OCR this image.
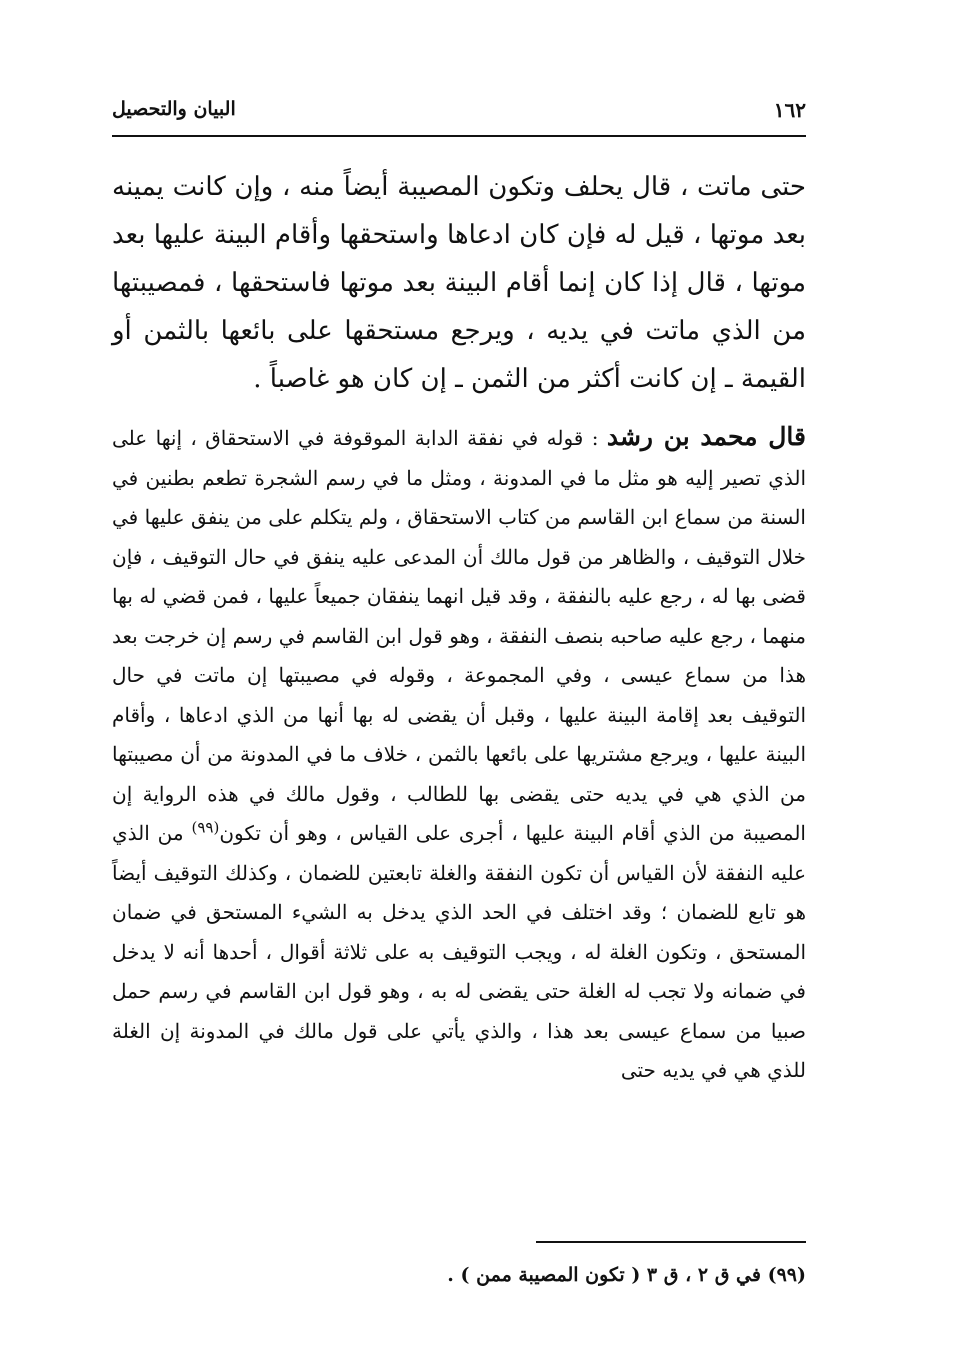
البيان والتحصيل	١٦٢

حتى ماتت ، قال يحلف وتكون المصيبة أيضاً منه ، وإن كانت يمينه بعد موتها ، قيل له فإن كان ادعاها واستحقها وأقام البينة عليها بعد موتها ، قال إذا كان إنما أقام البينة بعد موتها فاستحقها ، فمصيبتها من الذي ماتت في يديه ، ويرجع مستحقها على بائعها بالثمن أو القيمة ـ إن كانت أكثر من الثمن ـ إن كان هو غاصباً .

قال محمد بن رشد : قوله في نفقة الدابة الموقوفة في الاستحقاق ، إنها على الذي تصير إليه هو مثل ما في المدونة ، ومثل ما في رسم الشجرة تطعم بطنين في السنة من سماع ابن القاسم من كتاب الاستحقاق ، ولم يتكلم على من ينفق عليها في خلال التوقيف ، والظاهر من قول مالك أن المدعى عليه ينفق في حال التوقيف ، فإن قضى بها له ، رجع عليه بالنفقة ، وقد قيل انهما ينفقان جميعاً عليها ، فمن قضي له بها منهما ، رجع عليه صاحبه بنصف النفقة ، وهو قول ابن القاسم في رسم إن خرجت بعد هذا من سماع عيسى ، وفي المجموعة ، وقوله في مصيبتها إن ماتت في حال التوقيف بعد إقامة البينة عليها ، وقبل أن يقضى له بها أنها من الذي ادعاها ، وأقام البينة عليها ، ويرجع مشتريها على بائعها بالثمن ، خلاف ما في المدونة من أن مصيبتها من الذي هي في يديه حتى يقضى بها للطالب ، وقول مالك في هذه الرواية إن المصيبة من الذي أقام البينة عليها ، أجرى على القياس ، وهو أن تكون$^{(٩٩)}$ من الذي عليه النفقة لأن القياس أن تكون النفقة والغلة تابعتين للضمان ، وكذلك التوقيف أيضاً هو تابع للضمان ؛ وقد اختلف في الحد الذي يدخل به الشيء المستحق في ضمان المستحق ، وتكون الغلة له ، ويجب التوقيف به على ثلاثة أقوال ، أحدها أنه لا يدخل في ضمانه ولا تجب له الغلة حتى يقضى له به ، وهو قول ابن القاسم في رسم حمل صبيا من سماع عيسى بعد هذا ، والذي يأتي على قول مالك في المدونة إن الغلة للذي هي في يديه حتى

(٩٩) في ق ٢ ، ق ٣ ( تكون المصيبة ممن ) .
